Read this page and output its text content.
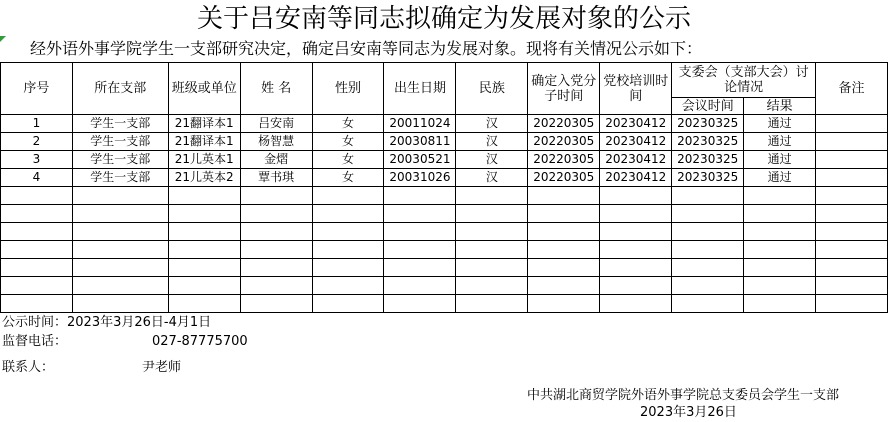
关于吕安南等同志拟确定为发展对象的公示
经外语外事学院学生一支部研究决定，确定吕安南等同志为发展对象。现将有关情况公示如下：
序号	所在支部	班级或单位	姓 名	性别	出生日期	民族	确定入党分子时间	党校培训时间	支委会（支部大会）讨论情况		备注
									会议时间	结果	
1	学生一支部	21翻译本1	吕安南	女	20011024	汉	20220305	20230412	20230325	通过	
2	学生一支部	21翻译本1	杨智慧	女	20030811	汉	20220305	20230412	20230325	通过	
3	学生一支部	21儿英本1	金熠	女	20030521	汉	20220305	20230412	20230325	通过	
4	学生一支部	21儿英本2	覃书琪	女	20031026	汉	20220305	20230412	20230325	通过	

公示时间：2023年3月26日-4月1日
监督电话：	027-87775700
联系人：	尹老师
中共湖北商贸学院外语外事学院总支委员会学生一支部
2023年3月26日
